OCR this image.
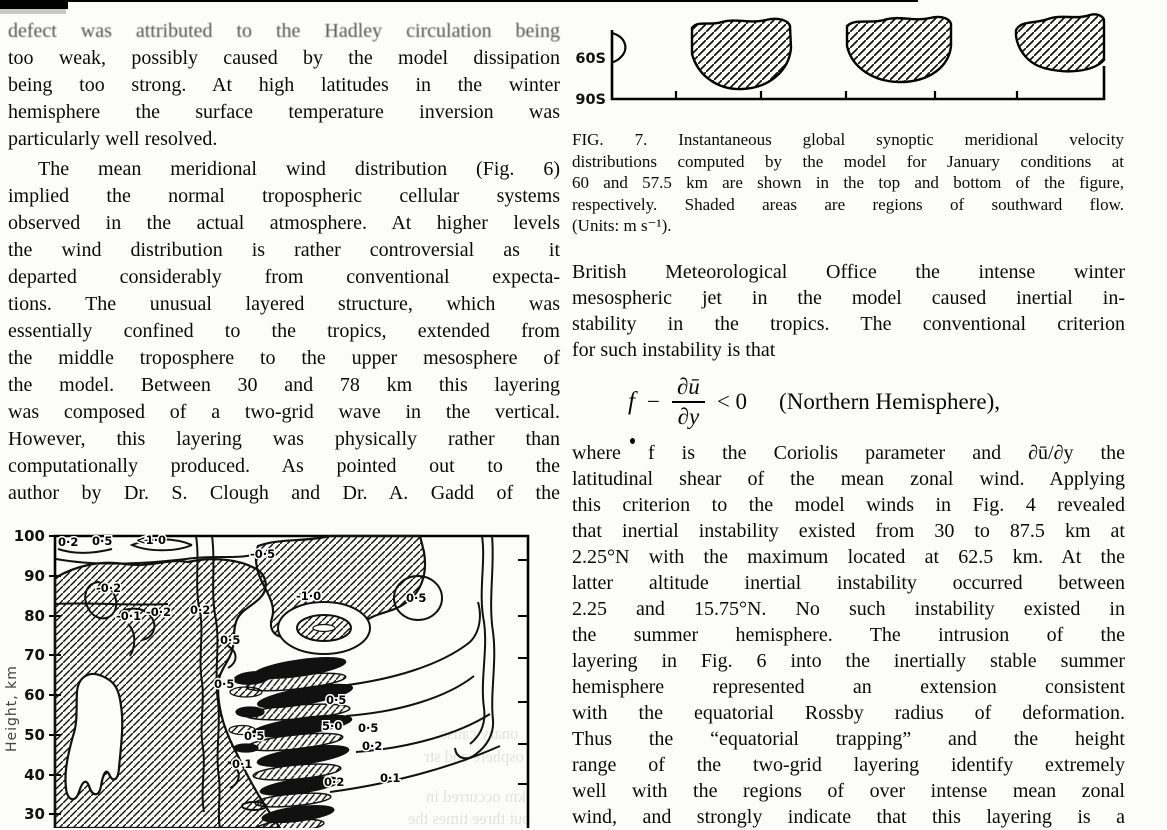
defect was attributed to the Hadley circulation being
too weak, possibly caused by the model dissipation
being too strong. At high latitudes in the winter
hemisphere the surface temperature inversion was
particularly well resolved.
The mean meridional wind distribution (Fig. 6)
implied the normal tropospheric cellular systems
observed in the actual atmosphere. At higher levels
the wind distribution is rather controversial as it
departed considerably from conventional expecta-
tions. The unusual layered structure, which was
essentially confined to the tropics, extended from
the middle troposphere to the upper mesosphere of
the model. Between 30 and 78 km this layering
was composed of a two-grid wave in the vertical.
However, this layering was physically rather than
computationally produced. As pointed out to the
author by Dr. S. Clough and Dr. A. Gadd of the
60S
90S
FIG. 7. Instantaneous global synoptic meridional velocity
distributions computed by the model for January conditions at
60 and 57.5 km are shown in the top and bottom of the figure,
respectively. Shaded areas are regions of southward flow.
(Units: m s⁻¹).
British Meteorological Office the intense winter
mesospheric jet in the model caused inertial in-
stability in the tropics. The conventional criterion
for such instability is that
$f - \frac{\partial ū}{\partial y} < 0$ (Northern Hemisphere),
where f is the Coriolis parameter and ∂ū/∂y the
latitudinal shear of the mean zonal wind. Applying
this criterion to the model winds in Fig. 4 revealed
that inertial instability existed from 30 to 87.5 km at
2.25°N with the maximum located at 62.5 km. At the
latter altitude inertial instability occurred between
2.25 and 15.75°N. No such instability existed in
the summer hemisphere. The intrusion of the
layering in Fig. 6 into the inertially stable summer
hemisphere represented an extension consistent
with the equatorial Rossby radius of deformation.
Thus the “equatorial trapping” and the height
range of the two-grid layering identify extremely
well with the regions of over intense mean zonal
wind, and strongly indicate that this layering is a
onary cause
osphere and str
km occurred in
out three times the
0·2 0·5 <1·0
-0·5
-0·2
-0·1 -0·2 0·2
-1·0	0·5
0·5
0·5
0·5
5·0 0·5
0·5
0·2
0·1
0·2	0·1
100
90
80
70
60
50
40
30
Height, km
